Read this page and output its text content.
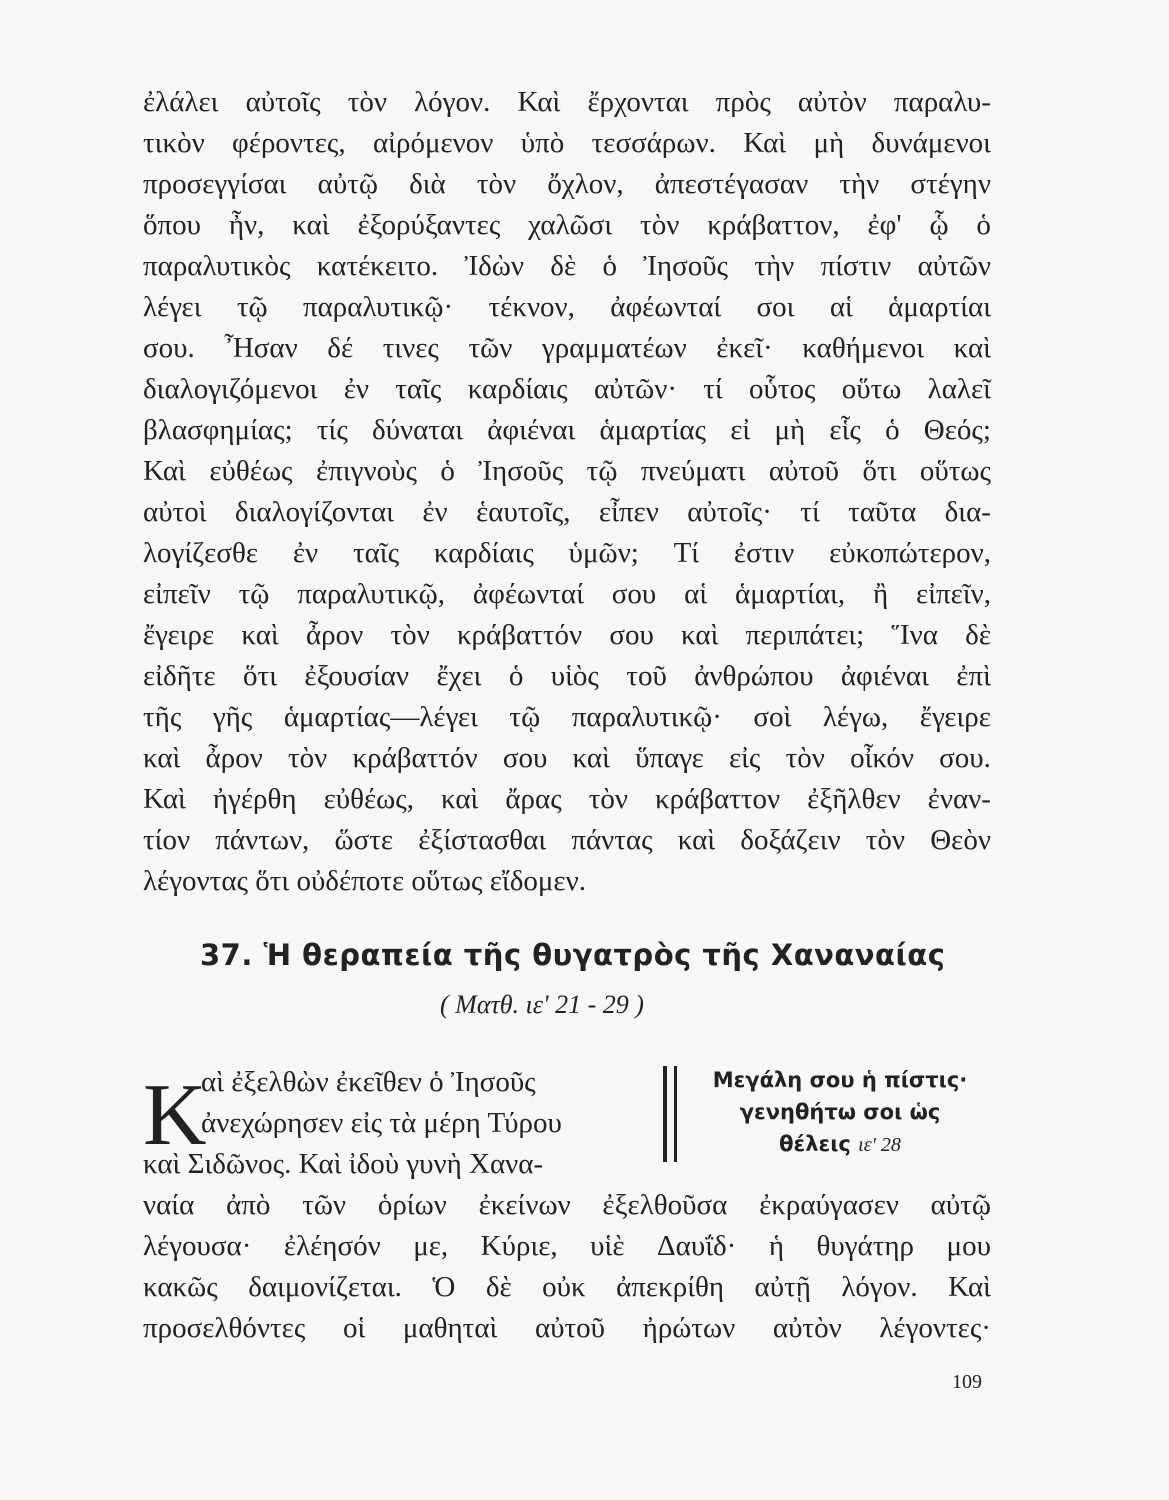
ἐλάλει αὐτοῖς τὸν λόγον. Καὶ ἔρχονται πρὸς αὐτὸν παραλυ-
τικὸν φέροντες, αἰρόμενον ὑπὸ τεσσάρων. Καὶ μὴ δυνάμενοι
προσεγγίσαι αὐτῷ διὰ τὸν ὄχλον, ἀπεστέγασαν τὴν στέγην
ὅπου ἦν, καὶ ἐξορύξαντες χαλῶσι τὸν κράβαττον, ἐφ' ᾧ ὁ
παραλυτικὸς κατέκειτο. Ἰδὼν δὲ ὁ Ἰησοῦς τὴν πίστιν αὐτῶν
λέγει τῷ παραλυτικῷ· τέκνον, ἀφέωνταί σοι αἱ ἁμαρτίαι
σου. Ἦσαν δέ τινες τῶν γραμματέων ἐκεῖ· καθήμενοι καὶ
διαλογιζόμενοι ἐν ταῖς καρδίαις αὐτῶν· τί οὗτος οὕτω λαλεῖ
βλασφημίας; τίς δύναται ἀφιέναι ἁμαρτίας εἰ μὴ εἷς ὁ Θεός;
Καὶ εὐθέως ἐπιγνοὺς ὁ Ἰησοῦς τῷ πνεύματι αὐτοῦ ὅτι οὕτως
αὐτοὶ διαλογίζονται ἐν ἑαυτοῖς, εἶπεν αὐτοῖς· τί ταῦτα δια-
λογίζεσθε ἐν ταῖς καρδίαις ὑμῶν; Τί ἐστιν εὐκοπώτερον,
εἰπεῖν τῷ παραλυτικῷ, ἀφέωνταί σου αἱ ἁμαρτίαι, ἢ εἰπεῖν,
ἔγειρε καὶ ἆρον τὸν κράβαττόν σου καὶ περιπάτει; Ἵνα δὲ
εἰδῆτε ὅτι ἐξουσίαν ἔχει ὁ υἱὸς τοῦ ἀνθρώπου ἀφιέναι ἐπὶ
τῆς γῆς ἁμαρτίας—λέγει τῷ παραλυτικῷ· σοὶ λέγω, ἔγειρε
καὶ ἆρον τὸν κράβαττόν σου καὶ ὕπαγε εἰς τὸν οἶκόν σου.
Καὶ ἠγέρθη εὐθέως, καὶ ἄρας τὸν κράβαττον ἐξῆλθεν ἐναν-
τίον πάντων, ὥστε ἐξίστασθαι πάντας καὶ δοξάζειν τὸν Θεὸν
λέγοντας ὅτι οὐδέποτε οὕτως εἴδομεν.
37. Ἡ θεραπεία τῆς θυγατρὸς τῆς Χαναναίας
( Ματθ. ιε' 21 - 29 )
Κ
αὶ ἐξελθὼν ἐκεῖθεν ὁ Ἰησοῦς
ἀνεχώρησεν εἰς τὰ μέρη Τύρου
καὶ Σιδῶνος. Καὶ ἰδοὺ γυνὴ Χανα-
Μεγάλη σου ἡ πίστις·
γενηθήτω σοι ὡς
θέλεις ιε' 28
ναία ἀπὸ τῶν ὁρίων ἐκείνων ἐξελθοῦσα ἐκραύγασεν αὐτῷ
λέγουσα· ἐλέησόν με, Κύριε, υἱὲ Δαυΐδ· ἡ θυγάτηρ μου
κακῶς δαιμονίζεται. Ὁ δὲ οὐκ ἀπεκρίθη αὐτῇ λόγον. Καὶ
προσελθόντες οἱ μαθηταὶ αὐτοῦ ἠρώτων αὐτὸν λέγοντες·
109
